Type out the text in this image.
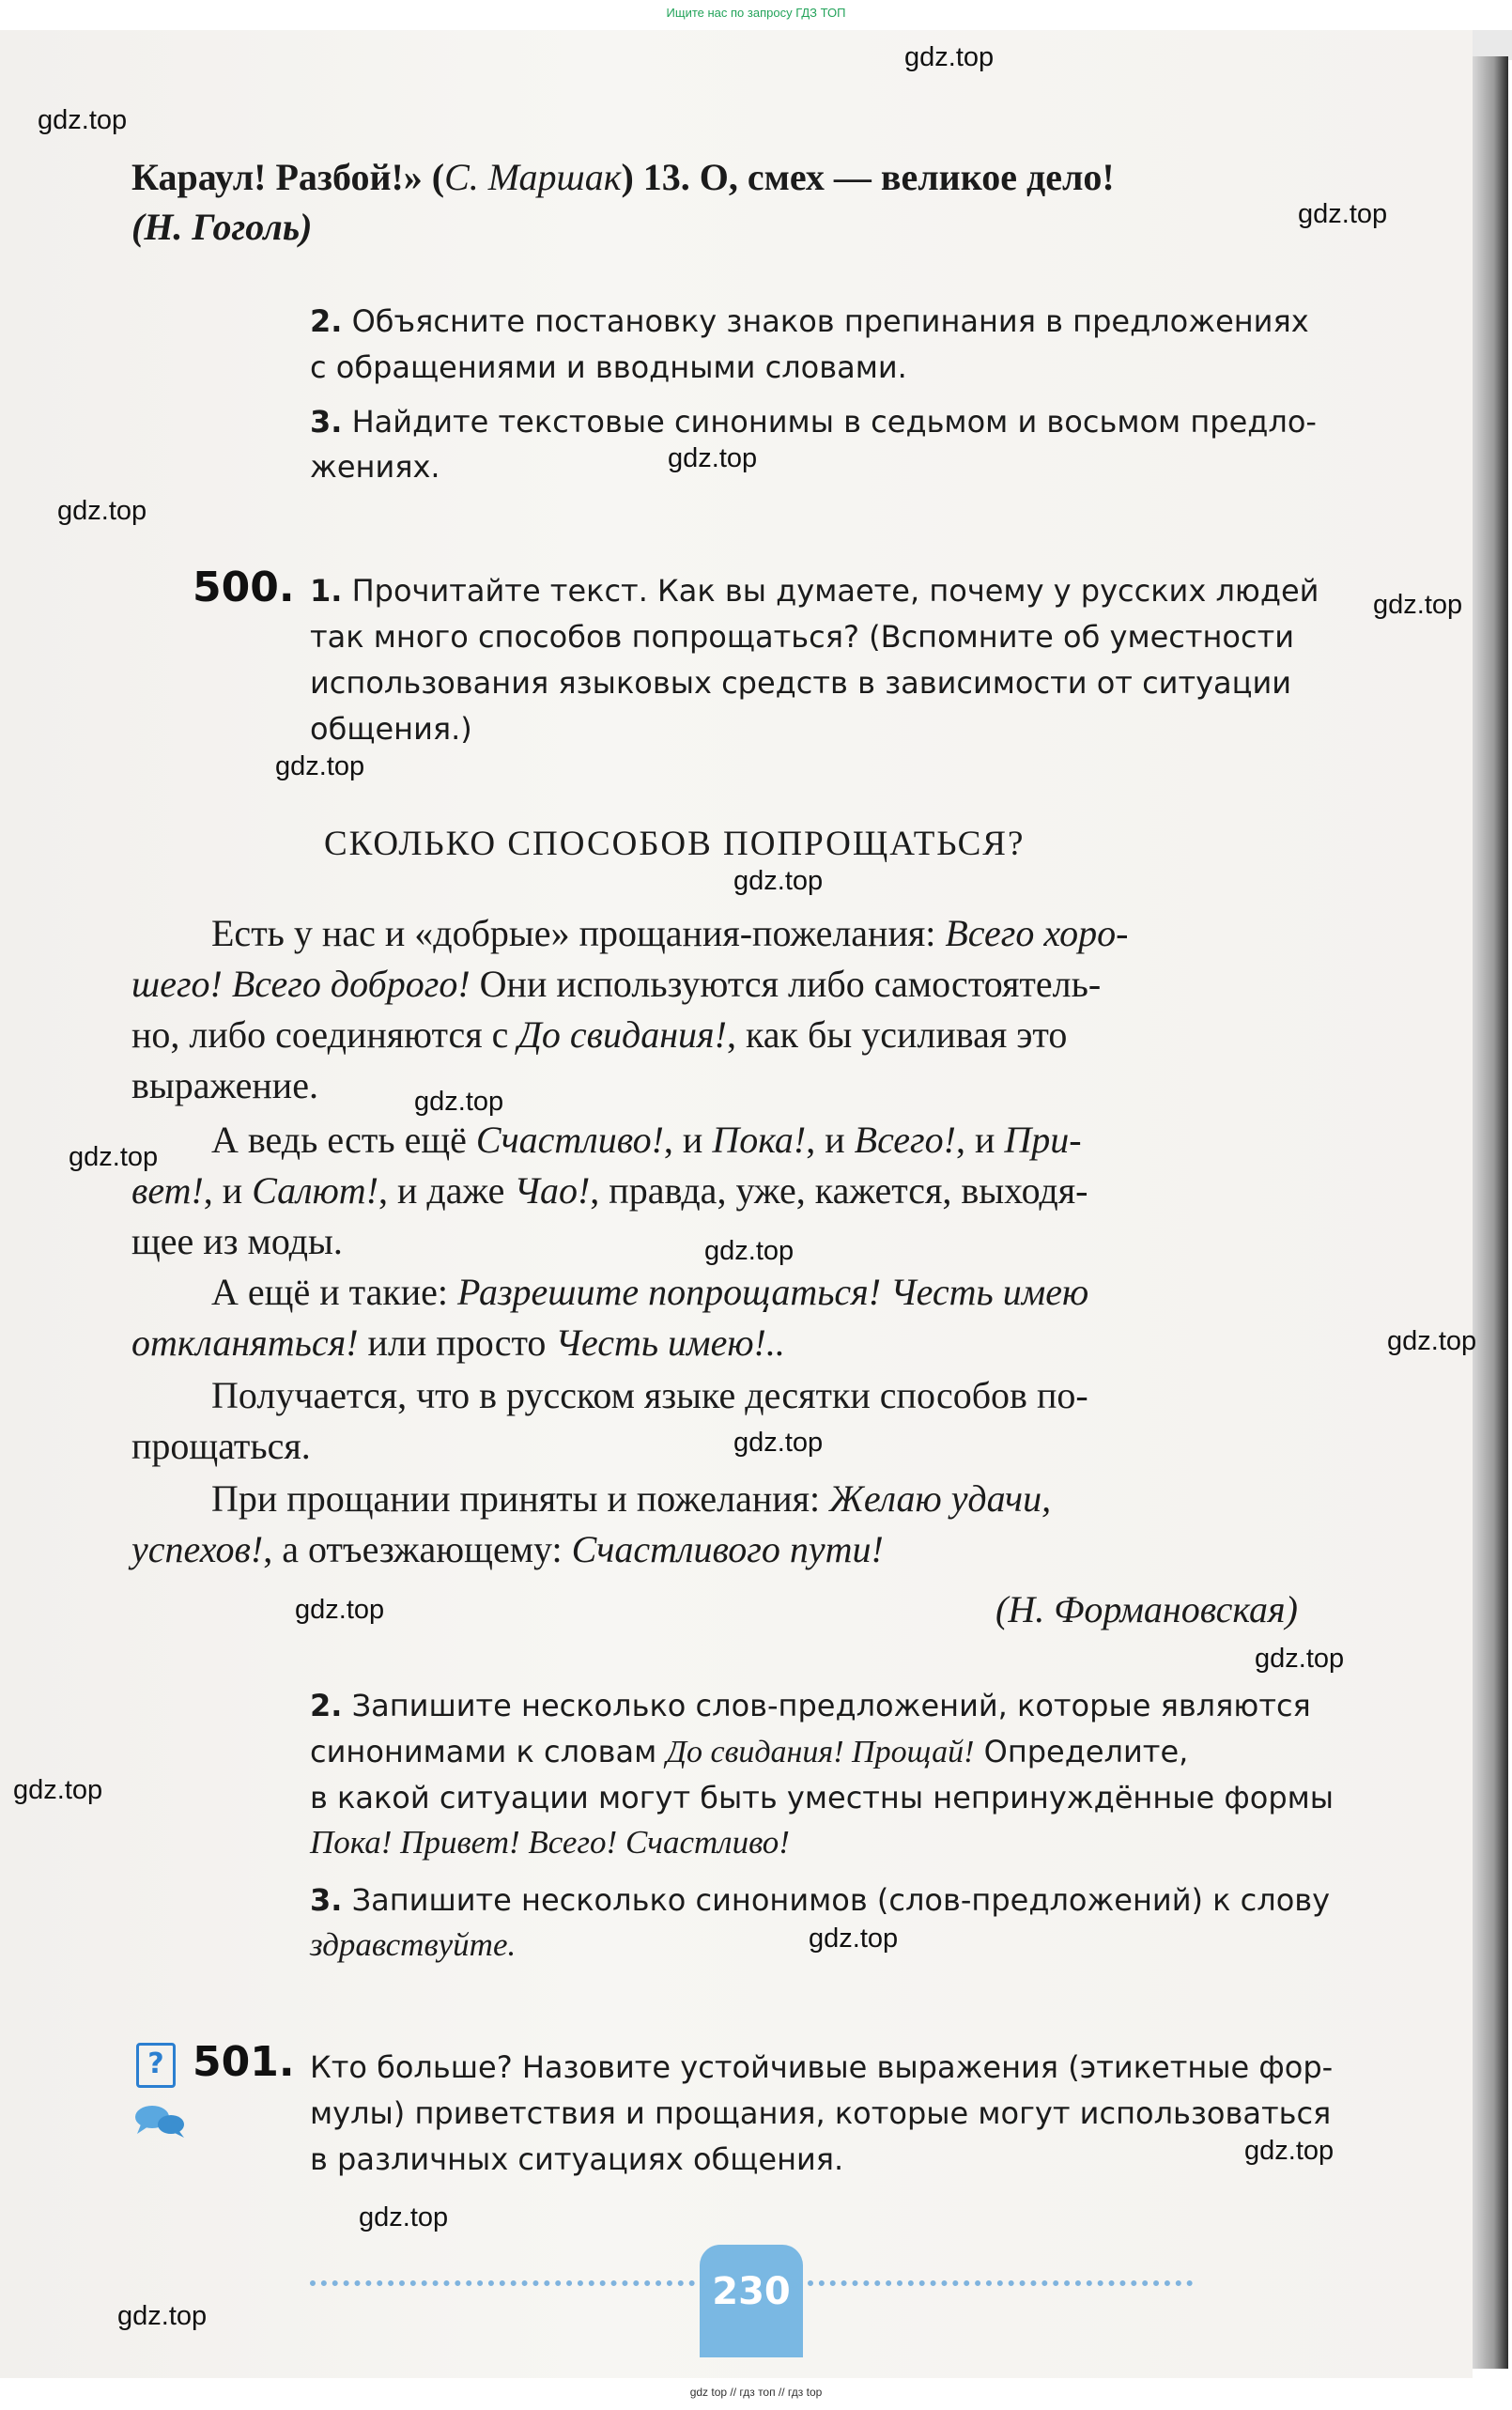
Ищите нас по запросу ГДЗ ТОП
Караул! Разбой!» (С. Маршак) 13. О, смех — великое дело!
(Н. Гоголь)
2. Объясните постановку знаков препинания в предложениях
с обращениями и вводными словами.
3. Найдите текстовые синонимы в седьмом и восьмом предло-
жениях.
500. 1. Прочитайте текст. Как вы думаете, почему у русских людей
так много способов попрощаться? (Вспомните об уместности
использования языковых средств в зависимости от ситуации
общения.)
СКОЛЬКО СПОСОБОВ ПОПРОЩАТЬСЯ?
Есть у нас и «добрые» прощания-пожелания: Всего хоро-
шего! Всего доброго! Они используются либо самостоятель-
но, либо соединяются с До свидания!, как бы усиливая это
выражение.
А ведь есть ещё Счастливо!, и Пока!, и Всего!, и При-
вет!, и Салют!, и даже Чао!, правда, уже, кажется, выходя-
щее из моды.
А ещё и такие: Разрешите попрощаться! Честь имею
откланяться! или просто Честь имею!..
Получается, что в русском языке десятки способов по-
прощаться.
При прощании приняты и пожелания: Желаю удачи,
успехов!, а отъезжающему: Счастливого пути!
(Н. Формановская)
2. Запишите несколько слов-предложений, которые являются
синонимами к словам До свидания! Прощай! Определите,
в какой ситуации могут быть уместны непринуждённые формы
Пока! Привет! Всего! Счастливо!
3. Запишите несколько синонимов (слов-предложений) к слову
здравствуйте.
? 501. Кто больше? Назовите устойчивые выражения (этикетные фор-
мулы) приветствия и прощания, которые могут использоваться
в различных ситуациях общения.
230
gdz.top
gdz.top
gdz.top
gdz.top
gdz.top
gdz.top
gdz.top
gdz.top
gdz.top
gdz.top
gdz.top
gdz.top
gdz.top
gdz.top
gdz.top
gdz.top
gdz.top
gdz.top
gdz.top
gdz.top
gdz top // гдз топ // гдз top
